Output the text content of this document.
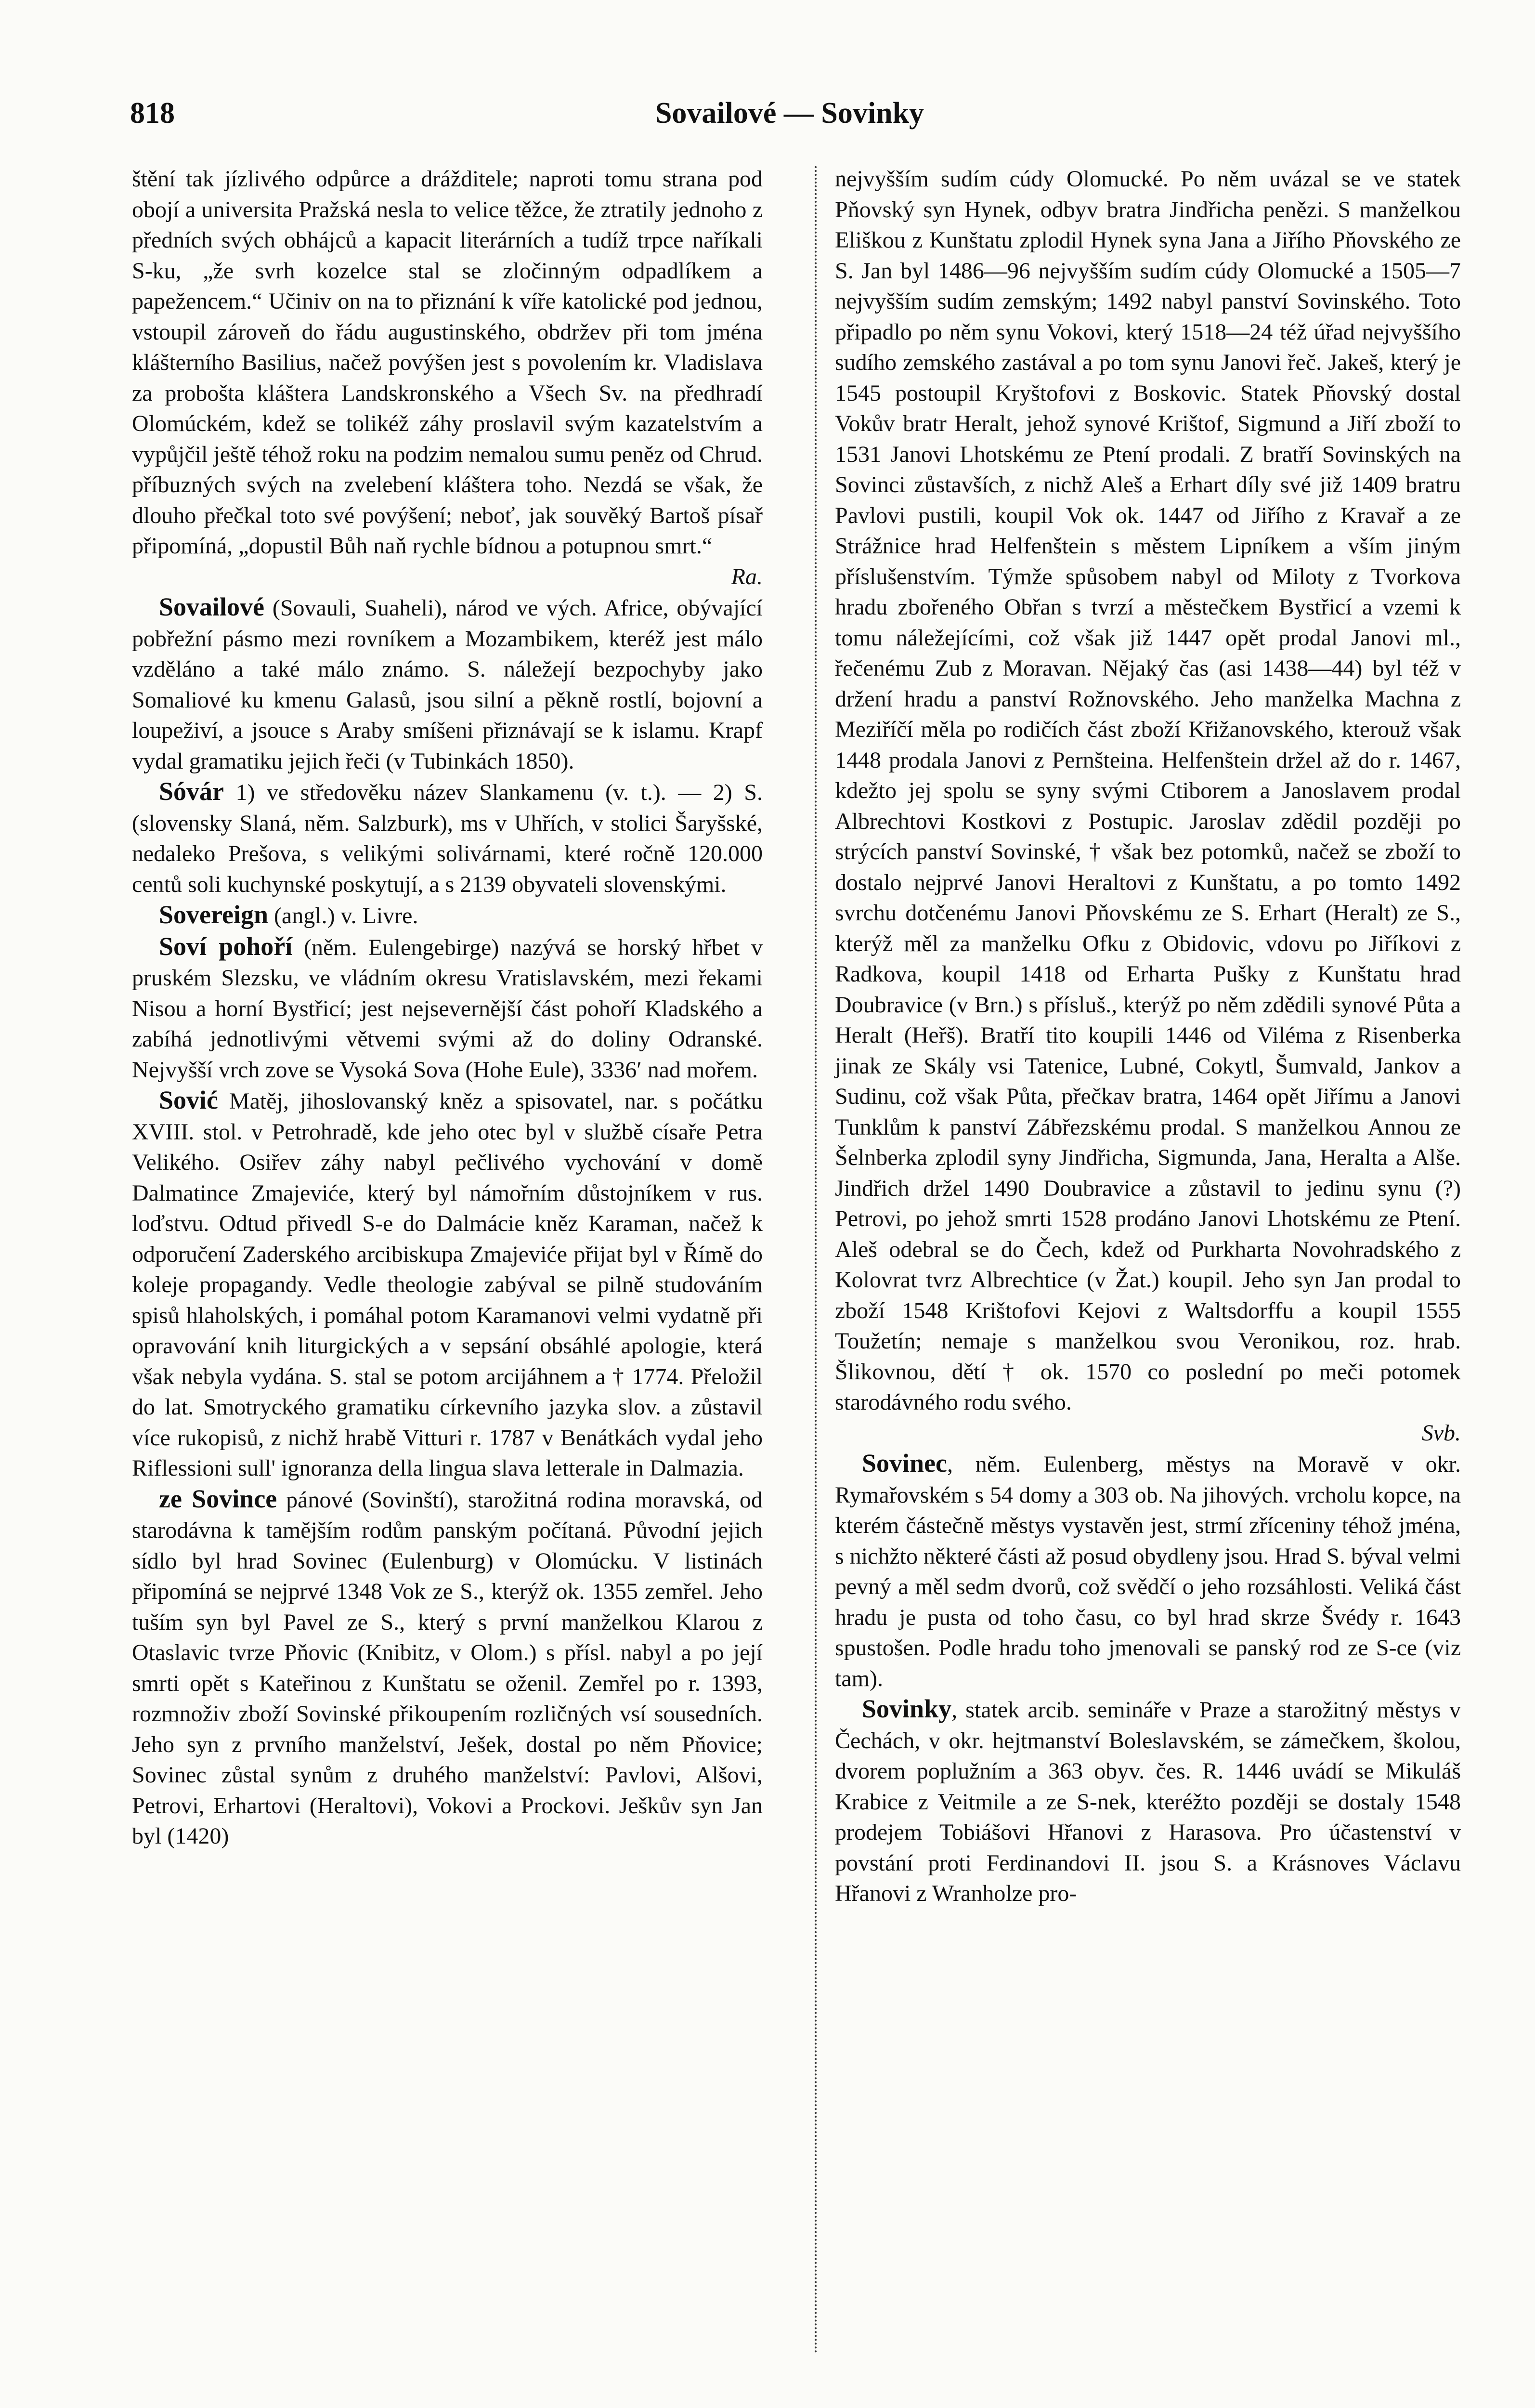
818	Sovailové — Sovinky

štění tak jízlivého odpůrce a drážditele; naproti tomu strana pod obojí a universita Pražská nesla to velice těžce, že ztratily jednoho z předních svých obhájců a kapacit literárních a tudíž trpce naříkali S-ku, „že svrh kozelce stal se zločinným odpadlíkem a papežencem.“ Učiniv on na to přiznání k víře katolické pod jednou, vstoupil zároveň do řádu augustinského, obdržev při tom jména klášterního Basilius, načež povýšen jest s povolením kr. Vladislava za proboštа kláštera Landskronského a Všech Sv. na předhradí Olomúckém, kdež se tolikéž záhy proslavil svým kazatelstvím a vypůjčil ještě téhož roku na podzim nemalou sumu peněz od Chrud. příbuzných svých na zvelebení kláštera toho. Nezdá se však, že dlouho přečkal toto své povýšení; neboť, jak souvěký Bartoš písař připomíná, „dopustil Bůh naň rychle bídnou a potupnou smrt.“
Ra.

Sovailové (Sovauli, Suaheli), národ ve vých. Africe, obývající pobřežní pásmo mezi rovníkem a Mozambikem, kteréž jest málo vzděláno a také málo známo. S. náležejí bezpochyby jako Somaliové ku kmenu Galasů, jsou silní a pěkně rostlí, bojovní a loupeživí, a jsouce s Araby smíšeni přiznávají se k islamu. Krapf vydal gramatiku jejich řeči (v Tubinkách 1850).

Sóvár 1) ve středověku název Slankamenu (v. t.). — 2) S. (slovensky Slaná, něm. Salzburk), ms v Uhřích, v stolici Šaryšské, nedaleko Prešova, s velikými solivárnami, které ročně 120.000 centů soli kuchynské poskytují, a s 2139 obyvateli slovenskými.

Sovereign (angl.) v. Livre.

Soví pohoří (něm. Eulengebirge) nazývá se horský hřbet v pruském Slezsku, ve vládním okresu Vratislavském, mezi řekami Nisou a horní Bystřicí; jest nejseverněјší část pohoří Kladského a zabíhá jednotlivými větvemi svými až do doliny Odranské. Nejvyšší vrch zove se Vysoká Sova (Hohe Eule), 3336′ nad mořem.

Sović Matěj, jihoslovanský kněz a spisovatel, nar. s počátku XVIII. stol. v Petrohradě, kde jeho otec byl v službě císaře Petra Velikého. Osiřev záhy nabyl pečlivého vychování v domě Dalmatince Zmajeviće, který byl námořním důstojníkem v rus. loďstvu. Odtud přivedl S-e do Dalmácie kněz Karaman, načež k odporučení Zaderského arcibiskupa Zmajeviće přijat byl v Římě do koleje propagandy. Vedle theologie zabýval se pilně studováním spisů hlaholských, i pomáhal potom Karamanovi velmi vydatně při opravování knih liturgických a v sepsání obsáhlé apologie, která však nebyla vydána. S. stal se potom arcijáhnem a † 1774. Přeložil do lat. Smotryckého gramatiku církevního jazyka slov. a zůstavil více rukopisů, z nichž hrabě Vitturi r. 1787 v Benátkách vydal jeho Riflessioni sull' ignoranza della lingua slava letterale in Dalmazia.

ze Sovince pánové (Sovinští), starožitná rodina moravská, od starodávna k tamějším rodům panským počítaná. Původní jejich sídlo byl hrad Sovinec (Eulenburg) v Olomúcku. V listinách připomíná se nejprvé 1348 Vok ze S., kterýž ok. 1355 zemřel. Jeho tuším syn byl Pavel ze S., který s první manželkou Klarou z Otaslavic tvrze Pňovic (Knibitz, v Olom.) s přísl. nabyl a po její smrti opět s Kateřinou z Kunštatu se oženil. Zemřel po r. 1393, rozmnoživ zboží Sovinské přikoupením rozličných vsí sousedních. Jeho syn z prvního manželství, Ješek, dostal po něm Pňovice; Sovinec zůstal synům z druhého manželství: Pavlovi, Alšovi, Petrovi, Erhartovi (Heraltovi), Vokovi a Prockovi. Ješkův syn Jan byl (1420)

nejvyšším sudím cúdy Olomucké. Po něm uvázal se ve statek Pňovský syn Hynek, odbyv bratra Jindřicha penězi. S manželkou Eliškou z Kunštatu zplodil Hynek syna Jana a Jiřího Pňovského ze S. Jan byl 1486—96 nejvyšším sudím cúdy Olomucké a 1505—7 nejvyšším sudím zemským; 1492 nabyl panství Sovinského. Toto připadlo po něm synu Vokovi, který 1518—24 též úřad nejvyššího sudího zemského zastával a po tom synu Janovi řeč. Jakeš, který je 1545 postoupil Kryštofovi z Boskovic. Statek Pňovský dostal Vokův bratr Heralt, jehož synové Krištof, Sigmund a Jiří zboží to 1531 Janovi Lhotskému ze Ptení prodali. Z bratří Sovinských na Sovinci zůstavších, z nichž Aleš a Erhart díly své již 1409 bratru Pavlovi pustili, koupil Vok ok. 1447 od Jiřího z Kravař a ze Strážnice hrad Helfenštein s městem Lipníkem a vším jiným příslušenstvím. Týmže spůsobem nabyl od Miloty z Tvorkova hradu zbořeného Obřan s tvrzí a městečkem Bystřicí a vzemi k tomu náležejícími, což však již 1447 opět prodal Janovi ml., řečenému Zub z Moravan. Nějaký čas (asi 1438—44) byl též v držení hradu a panství Rožnovského. Jeho manželka Machna z Meziříčí měla po rodičích část zboží Křižanovského, kterouž však 1448 prodala Janovi z Pernšteina. Helfenštein držel až do r. 1467, kdežto jej spolu se syny svými Ctiborem a Janoslavem prodal Albrechtovi Kostkovi z Postupic. Jaroslav zdědil později po strýcích panství Sovinské, † však bez potomků, načež se zboží to dostalo nejprvé Janovi Heraltovi z Kunštatu, a po tomto 1492 svrchu dotčenému Janovi Pňovskému ze S. Erhart (Heralt) ze S., kterýž měl za manželku Ofku z Obidovic, vdovu po Jiříkovi z Radkova, koupil 1418 od Erharta Pušky z Kunštatu hrad Doubravice (v Brn.) s přísluš., kterýž po něm zdědili synové Půta a Heralt (Heřš). Bratří tito koupili 1446 od Viléma z Risenberka jinak ze Skály vsi Tatenice, Lubné, Cokytl, Šumvald, Jankov a Sudinu, což však Půta, přečkav bratra, 1464 opět Jiřímu a Janovi Tunklům k panství Zábřezskému prodal. S manželkou Annou ze Šelnberka zplodil syny Jindřicha, Sigmunda, Jana, Heralta a Alše. Jindřich držel 1490 Doubravice a zůstavil to jedinu synu (?) Petrovi, po jehož smrti 1528 prodáno Janovi Lhotskému ze Ptení. Aleš odebral se do Čech, kdež od Purkharta Novohradského z Kolovrat tvrz Albrechtice (v Žat.) koupil. Jeho syn Jan prodal to zboží 1548 Krištofovi Kejovi z Waltsdorffu a koupil 1555 Toužetín; nemaje s manželkou svou Veronikou, roz. hrab. Šlikovnou, dětí † ok. 1570 co poslední po meči potomek starodávného rodu svého.
Svb.

Sovinec, něm. Eulenberg, městys na Moravě v okr. Rymařovském s 54 domy a 303 ob. Na jihových. vrcholu kopce, na kterém částečně městys vystavěn jest, strmí zříceniny téhož jména, s nichžto některé části až posud obydleny jsou. Hrad S. býval velmi pevný a měl sedm dvorů, což svědčí o jeho rozsáhlosti. Veliká část hradu je pusta od toho času, co byl hrad skrze Švédy r. 1643 spustošen. Podle hradu toho jmenovali se panský rod ze S-ce (viz tam).

Sovinky, statek arcib. semináře v Praze a starožitný městys v Čechách, v okr. hejtmanství Boleslavském, se zámečkem, školou, dvorem poplužním a 363 obyv. čes. R. 1446 uvádí se Mikuláš Krabice z Veitmile a ze S-nek, kteréžto později se dostaly 1548 prodejem Tobiášovi Hřanovi z Harasova. Pro účastenství v povstání proti Ferdinandovi II. jsou S. a Krásnoves Václavu Hřanovi z Wranholze pro-
